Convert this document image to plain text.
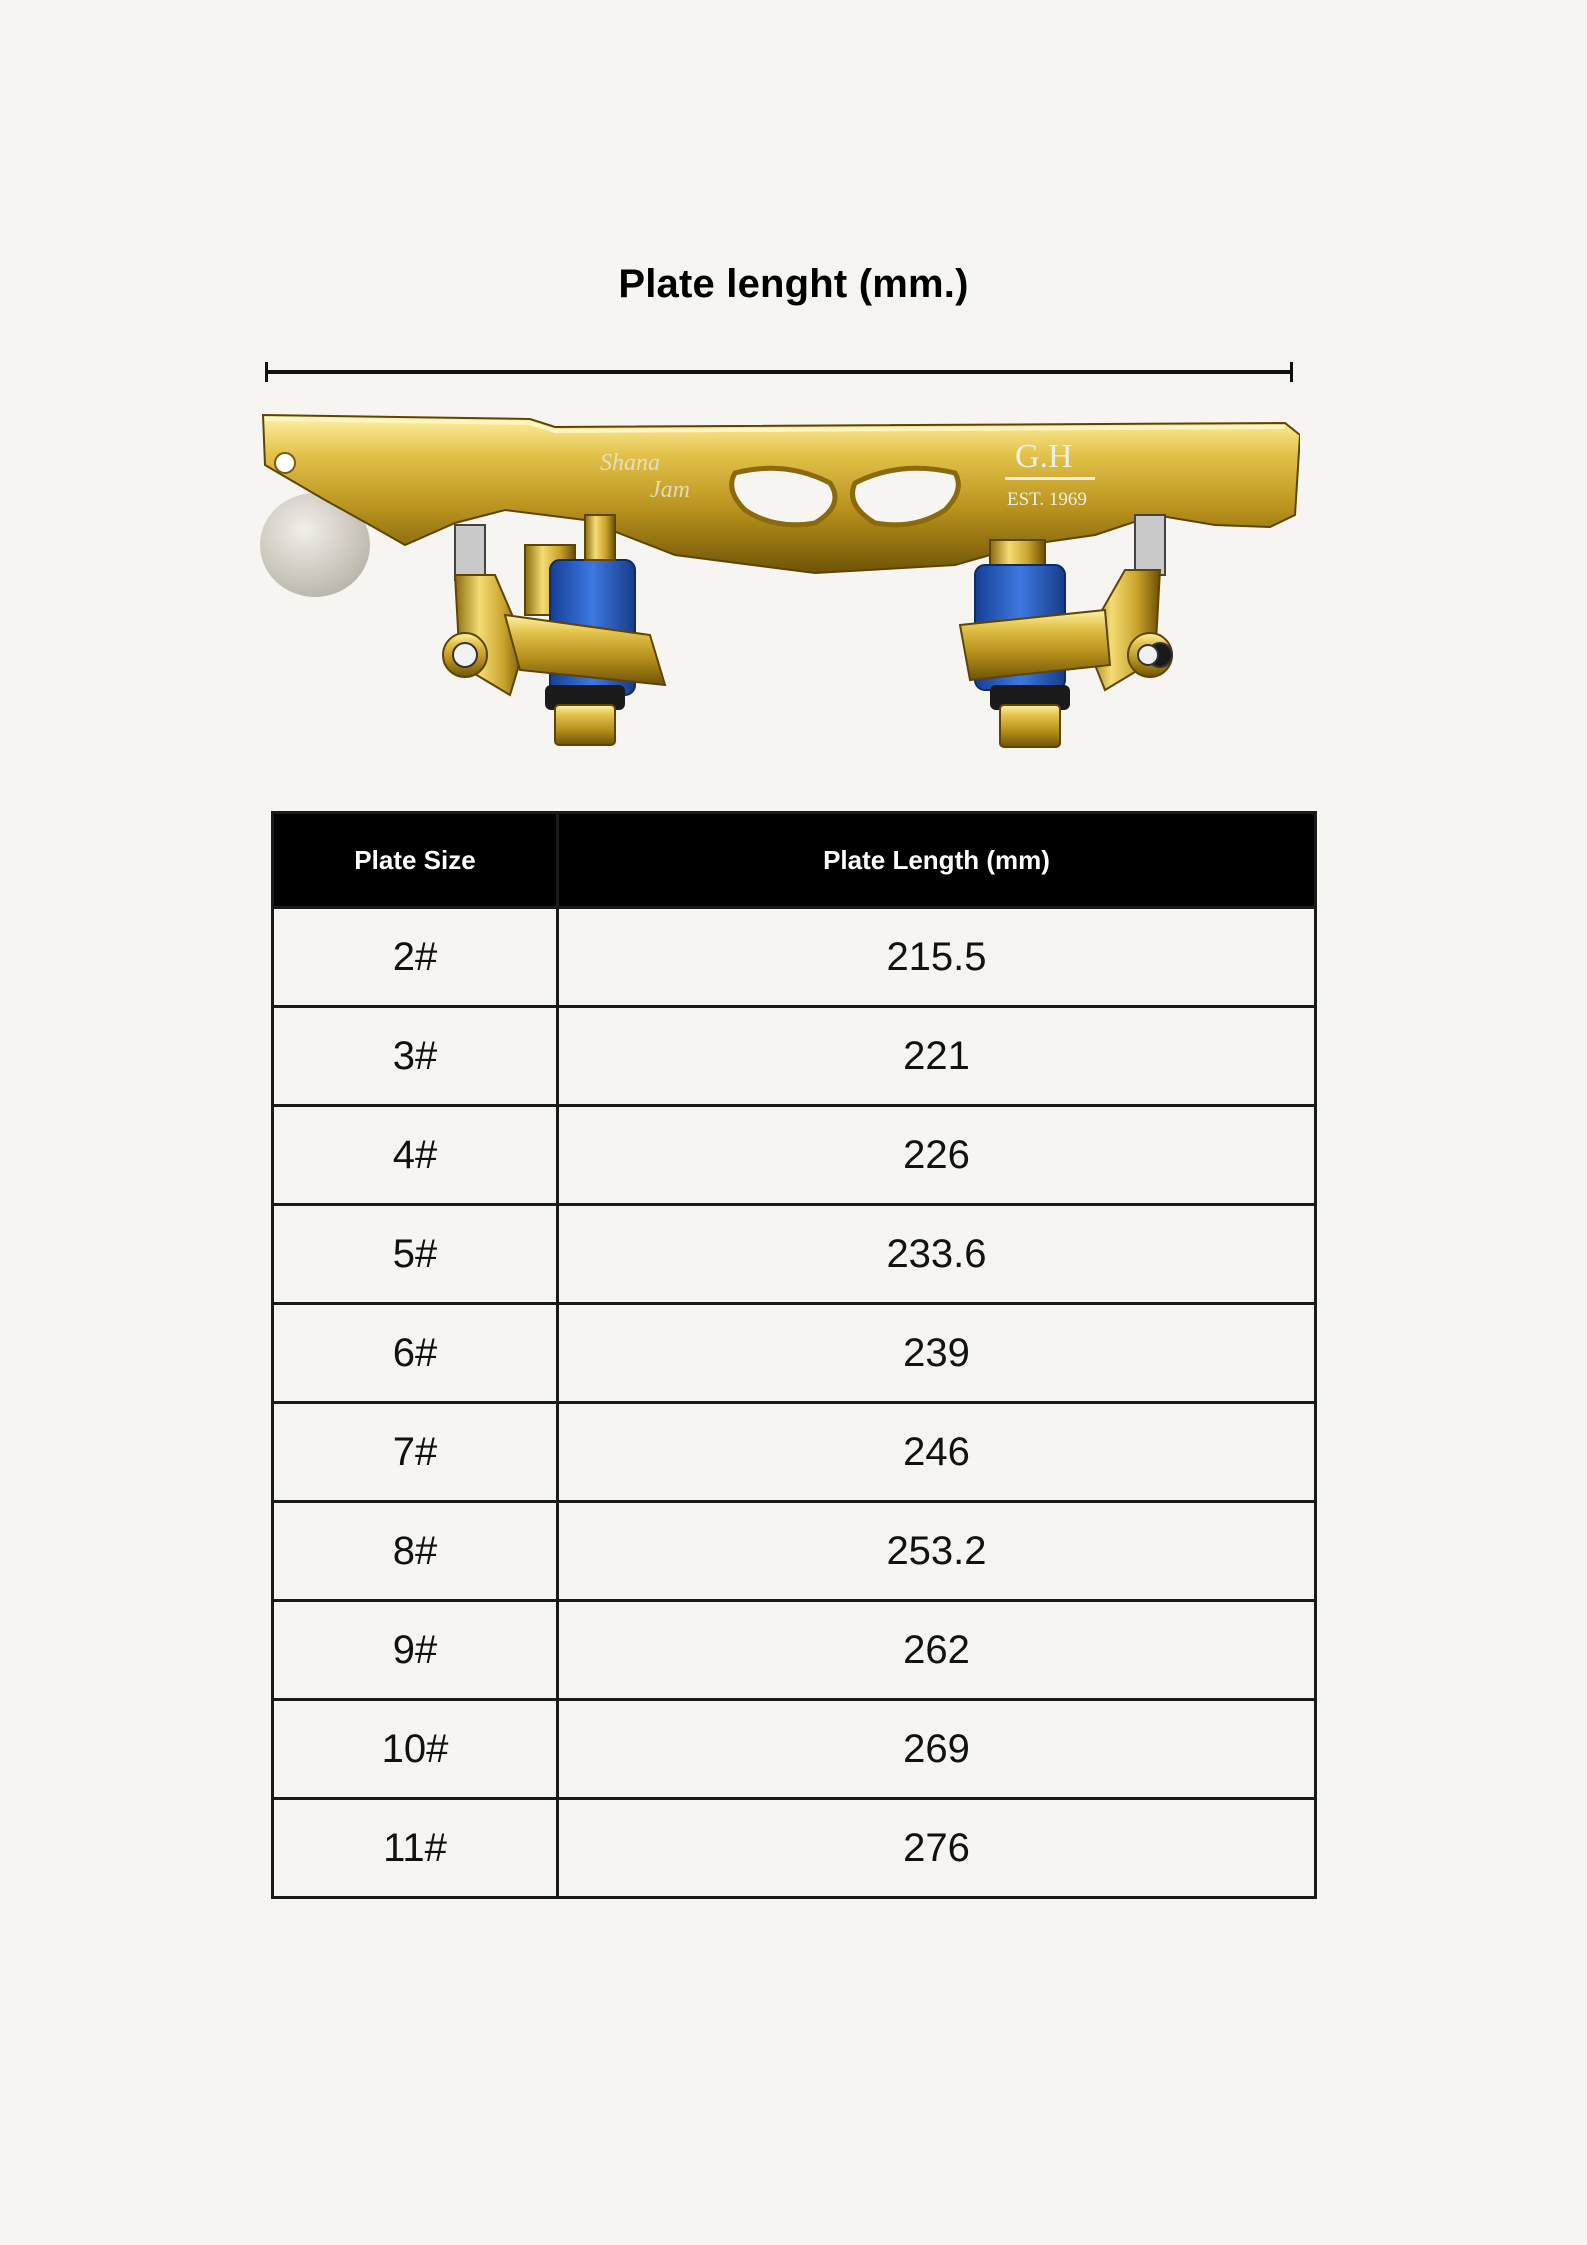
Plate lenght (mm.)
Shana
Jam
G.H
EST. 1969
Plate Size	Plate Length (mm)
2#	215.5
3#	221
4#	226
5#	233.6
6#	239
7#	246
8#	253.2
9#	262
10#	269
11#	276
